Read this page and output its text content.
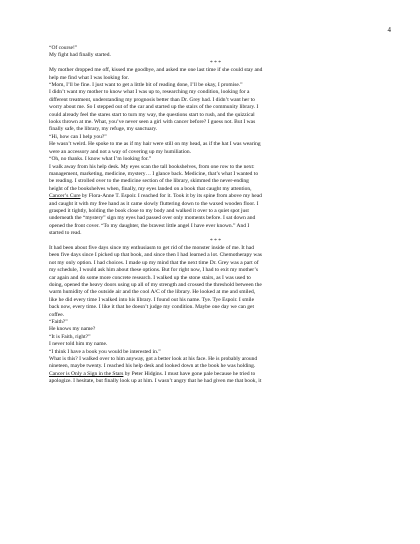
4
“Of course!”
My fight had finally started.
* * *
My mother dropped me off, kissed me goodbye, and asked me one last time if she could stay and
help me find what I was looking for.
“Mom, I’ll be fine. I just want to get a little bit of reading done, I’ll be okay, I promise.”
I didn’t want my mother to know what I was up to, researching my condition, looking for a
different treatment, understanding my prognosis better than Dr. Grey had. I didn’t want her to
worry about me. So I stepped out of the car and started up the stairs of the community library. I
could already feel the stares start to turn my way, the questions start to rush, and the quizzical
looks thrown at me. What, you’ve never seen a girl with cancer before? I guess not. But I was
finally safe, the library, my refuge, my sanctuary.
“Hi, how can I help you?”
He wasn’t weird. He spoke to me as if my hair were still on my head, as if the hat I was wearing
were an accessory and not a way of covering up my humiliation.
“Oh, no thanks. I know what I’m looking for.”
I walk away from his help desk. My eyes scan the tall bookshelves, from one row to the next:
management, marketing, medicine, mystery… I glance back. Medicine, that’s what I wanted to
be reading. I strolled over to the medicine section of the library, skimmed the never-ending
height of the bookshelves when, finally, my eyes landed on a book that caught my attention,
Cancer’s Cure by Flora-Anne T. Espoir. I reached for it. Took it by its spine from above my head
and caught it with my free hand as it came slowly fluttering down to the waxed wooden floor. I
grasped it tightly, holding the book close to my body and walked it over to a quiet spot just
underneath the “mystery” sign my eyes had passed over only moments before. I sat down and
opened the front cover. “To my daughter, the bravest little angel I have ever known.” And I
started to read.
* * *
It had been about five days since my enthusiasm to get rid of the monster inside of me. It had
been five days since I picked up that book, and since then I had learned a lot. Chemotherapy was
not my only option. I had choices. I made up my mind that the next time Dr. Grey was a part of
my schedule, I would ask him about these options. But for right now, I had to exit my mother’s
car again and do some more concrete research. I walked up the stone stairs, as I was used to
doing, opened the heavy doors using up all of my strength and crossed the threshold between the
warm humidity of the outside air and the cool A/C of the library. He looked at me and smiled,
like he did every time I walked into his library. I found out his name. Tye. Tye Espoir. I smile
back now, every time. I like it that he doesn’t judge my condition. Maybe one day we can get
coffee.
“Faith?”
He knows my name?
“It is Faith, right?”
I never told him my name.
“I think I have a book you would be interested in.”
What is this? I walked over to him anyway, got a better look at his face. He is probably around
nineteen, maybe twenty. I reached his help desk and looked down at the book he was holding.
Cancer is Only a Sign in the Stars by Peter Hidgins. I must have gone pale because he tried to
apologize. I hesitate, but finally look up at him. I wasn’t angry that he had given me that book, it
